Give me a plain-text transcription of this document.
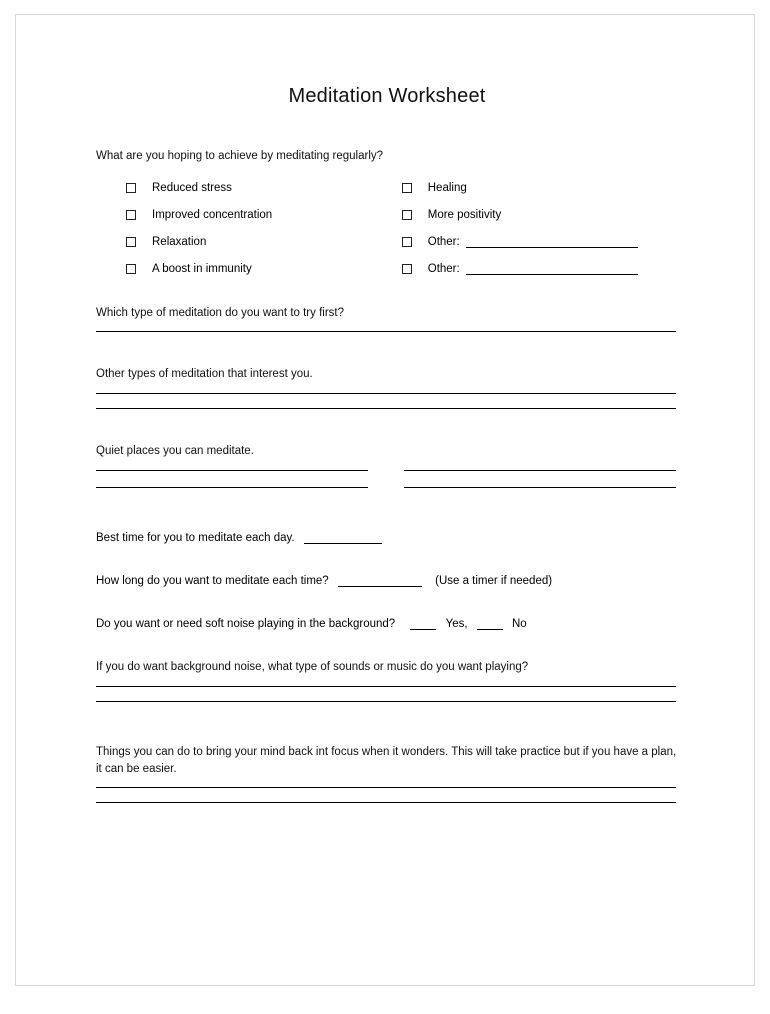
Meditation Worksheet

What are you hoping to achieve by meditating regularly?

Reduced stress
Improved concentration
Relaxation
A boost in immunity
Healing
More positivity
Other:
Other:

Which type of meditation do you want to try first?

Other types of meditation that interest you.

Quiet places you can meditate.

Best time for you to meditate each day.

How long do you want to meditate each time?	(Use a timer if needed)

Do you want or need soft noise playing in the background?	Yes,	No

If you do want background noise, what type of sounds or music do you want playing?

Things you can do to bring your mind back int focus when it wonders. This will take practice but if you have a plan, it can be easier.
